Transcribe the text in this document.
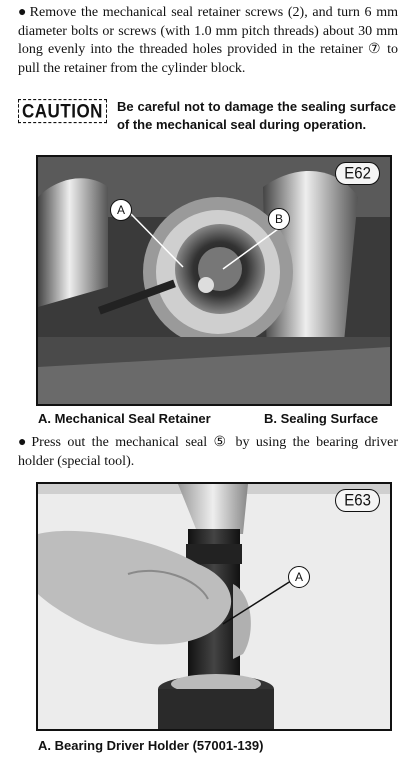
● Remove the mechanical seal retainer screws (2), and turn 6 mm diameter bolts or screws (with 1.0 mm pitch threads) about 30 mm long evenly into the threaded holes provided in the retainer ⑦ to pull the retainer from the cylinder block.

CAUTION	Be careful not to damage the sealing surface of the mechanical seal during operation.
E62
A
B
A. Mechanical Seal Retainer	B. Sealing Surface

● Press out the mechanical seal ⑤ by using the bearing driver holder (special tool).

E63
A
A. Bearing Driver Holder (57001-139)
